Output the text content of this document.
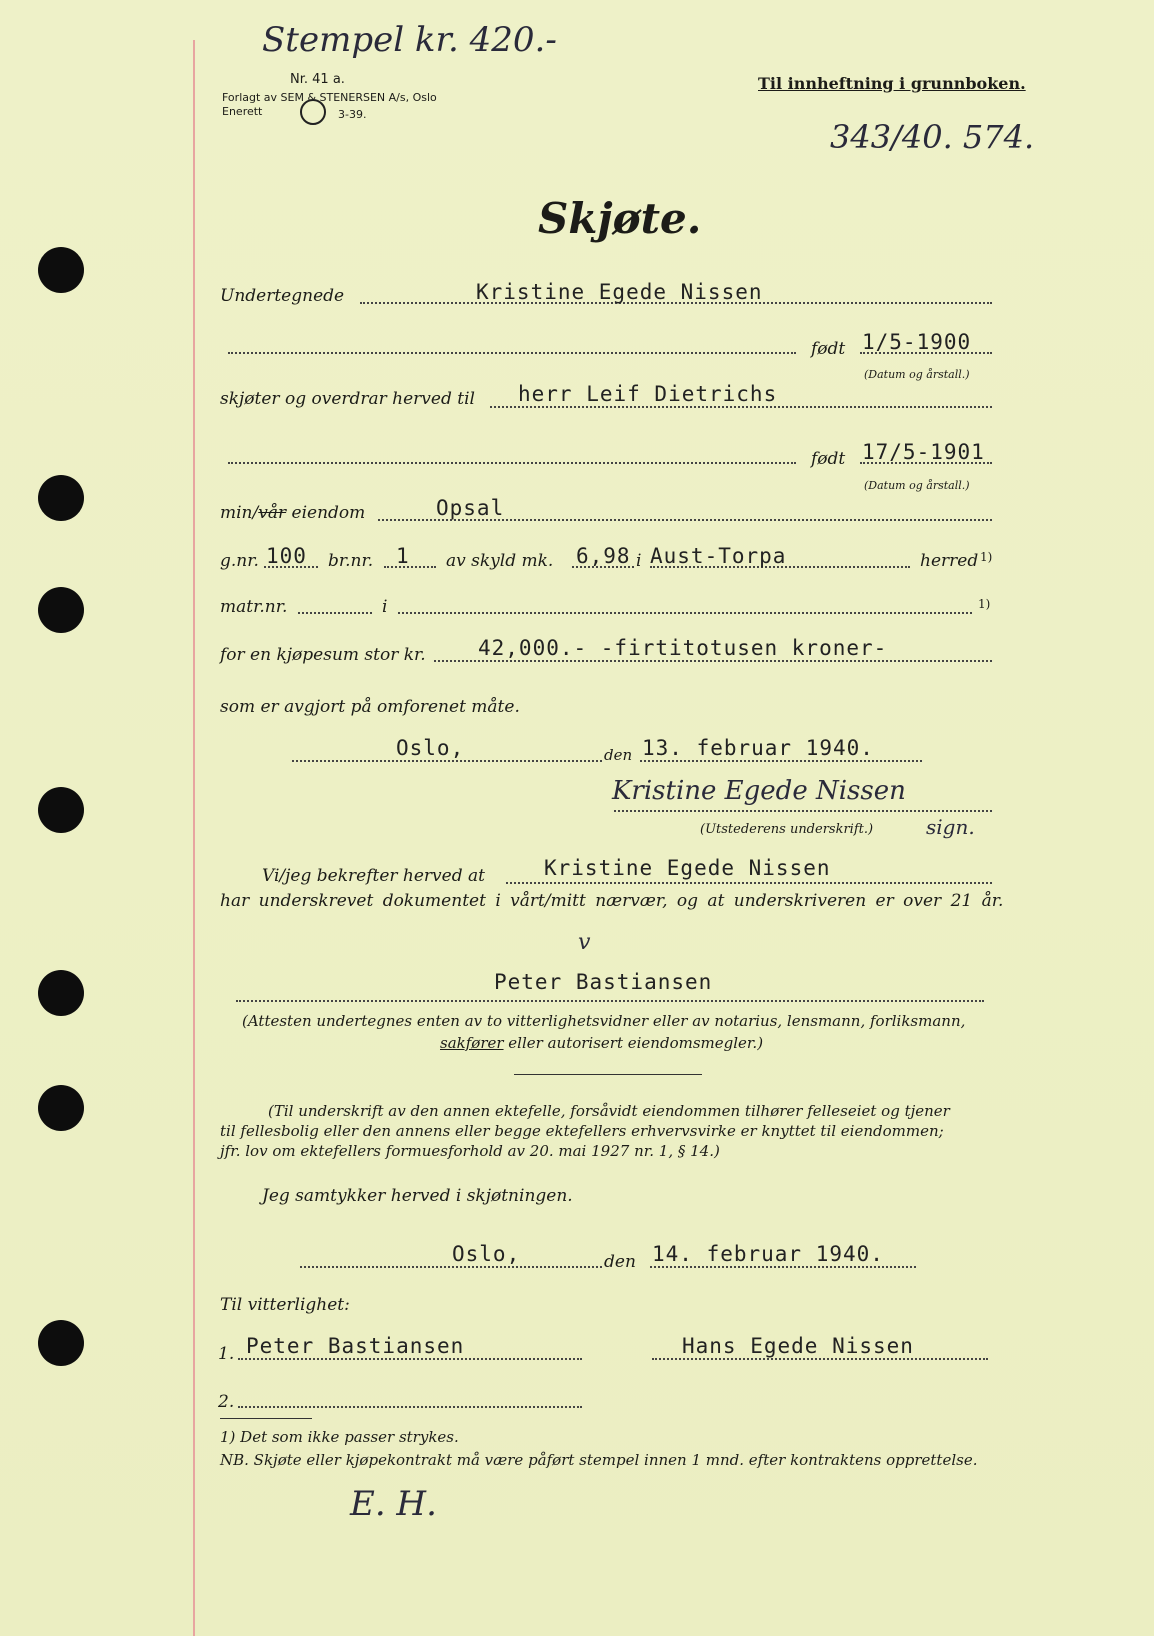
Stempel kr. 420.-
Nr. 41 a.
Forlagt av SEM & STENERSEN A/s, Oslo
Enerett	3-39.
Til innheftning i grunnboken.
343/40. 574.
Skjøte.
Undertegnede	Kristine Egede Nissen
født 1/5-1900
(Datum og årstall.)
skjøter og overdrar herved til herr Leif Dietrichs
født 17/5-1901
(Datum og årstall.)
min/vår eiendom	Opsal
g.nr. 100 br.nr. 1 av skyld mk. 6,98 i Aust-Torpa	herred 1)
matr.nr.	i	1)
for en kjøpesum stor kr. 42,000.- -firtitotusen kroner-
som er avgjort på omforenet måte.
Oslo,	den 13. februar 1940.
Kristine Egede Nissen
(Utstederens underskrift.)	sign.
Vi/jeg bekrefter herved at	Kristine Egede Nissen
har underskrevet dokumentet i vårt/mitt nærvær, og at underskriveren er over 21 år.
v
Peter Bastiansen
(Attesten undertegnes enten av to vitterlighetsvidner eller av notarius, lensmann, forliksmann,
sakfører eller autorisert eiendomsmegler.)
(Til underskrift av den annen ektefelle, forsåvidt eiendommen tilhører felleseiet og tjener
til fellesbolig eller den annens eller begge ektefellers erhvervsvirke er knyttet til eiendommen;
jfr. lov om ektefellers formuesforhold av 20. mai 1927 nr. 1, § 14.)
Jeg samtykker herved i skjøtningen.
Oslo,	den 14. februar 1940.
Til vitterlighet:
1. Peter Bastiansen	Hans Egede Nissen
2.
1) Det som ikke passer strykes.
NB. Skjøte eller kjøpekontrakt må være påført stempel innen 1 mnd. efter kontraktens opprettelse.
E. H.
